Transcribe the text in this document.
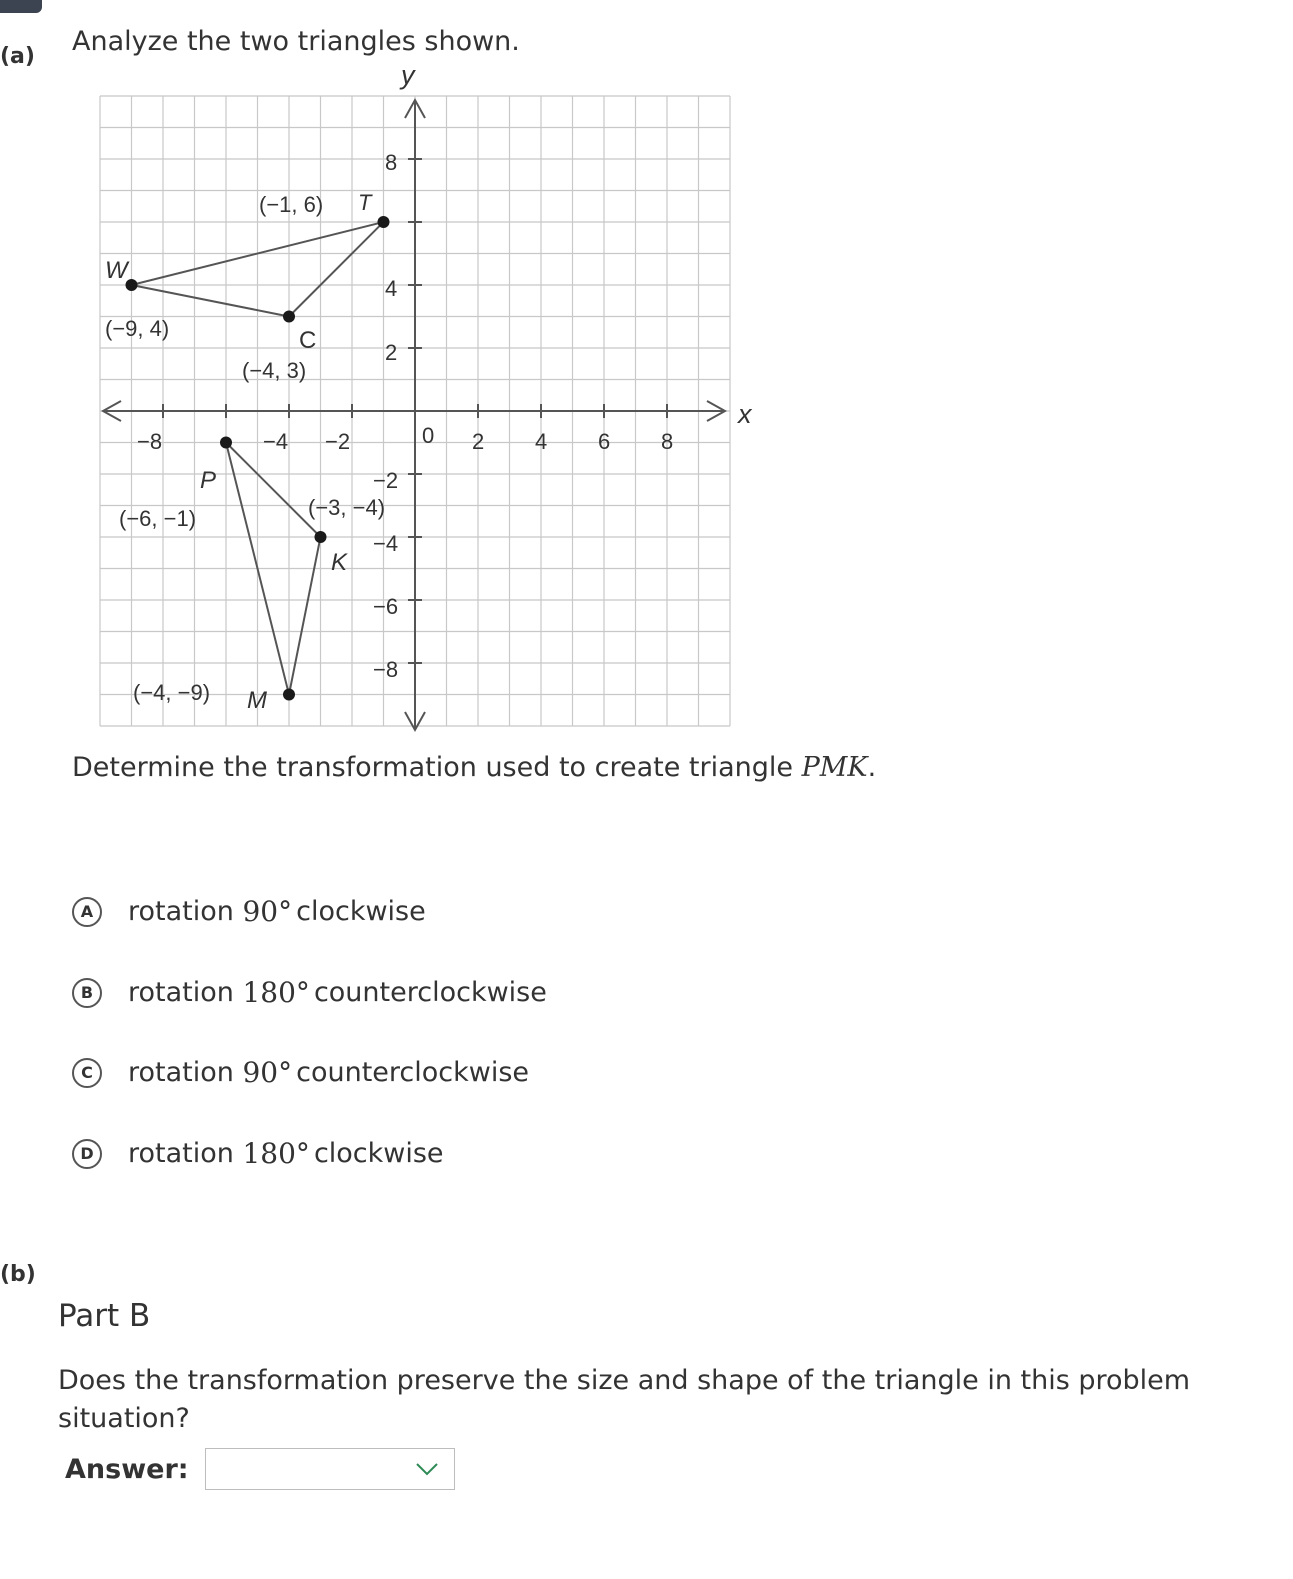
(a) Analyze the two triangles shown.
x
y
0
−8	−4 −2	2 4 6 8
8
4
2
−2
−4
−6
−8
T
(−1, 6)
W
(−9, 4)	C
(−4, 3)
P
(−6, −1)
K
(−3, −4)
M
(−4, −9)
Determine the transformation used to create triangle PMK.
A	rotation
90° clockwise
B	rotation
180° counterclockwise
C	rotation
90° counterclockwise
D	rotation
180° clockwise
(b)
Part B
Does the transformation preserve the size and shape of the triangle in this problem situation?
Answer:
